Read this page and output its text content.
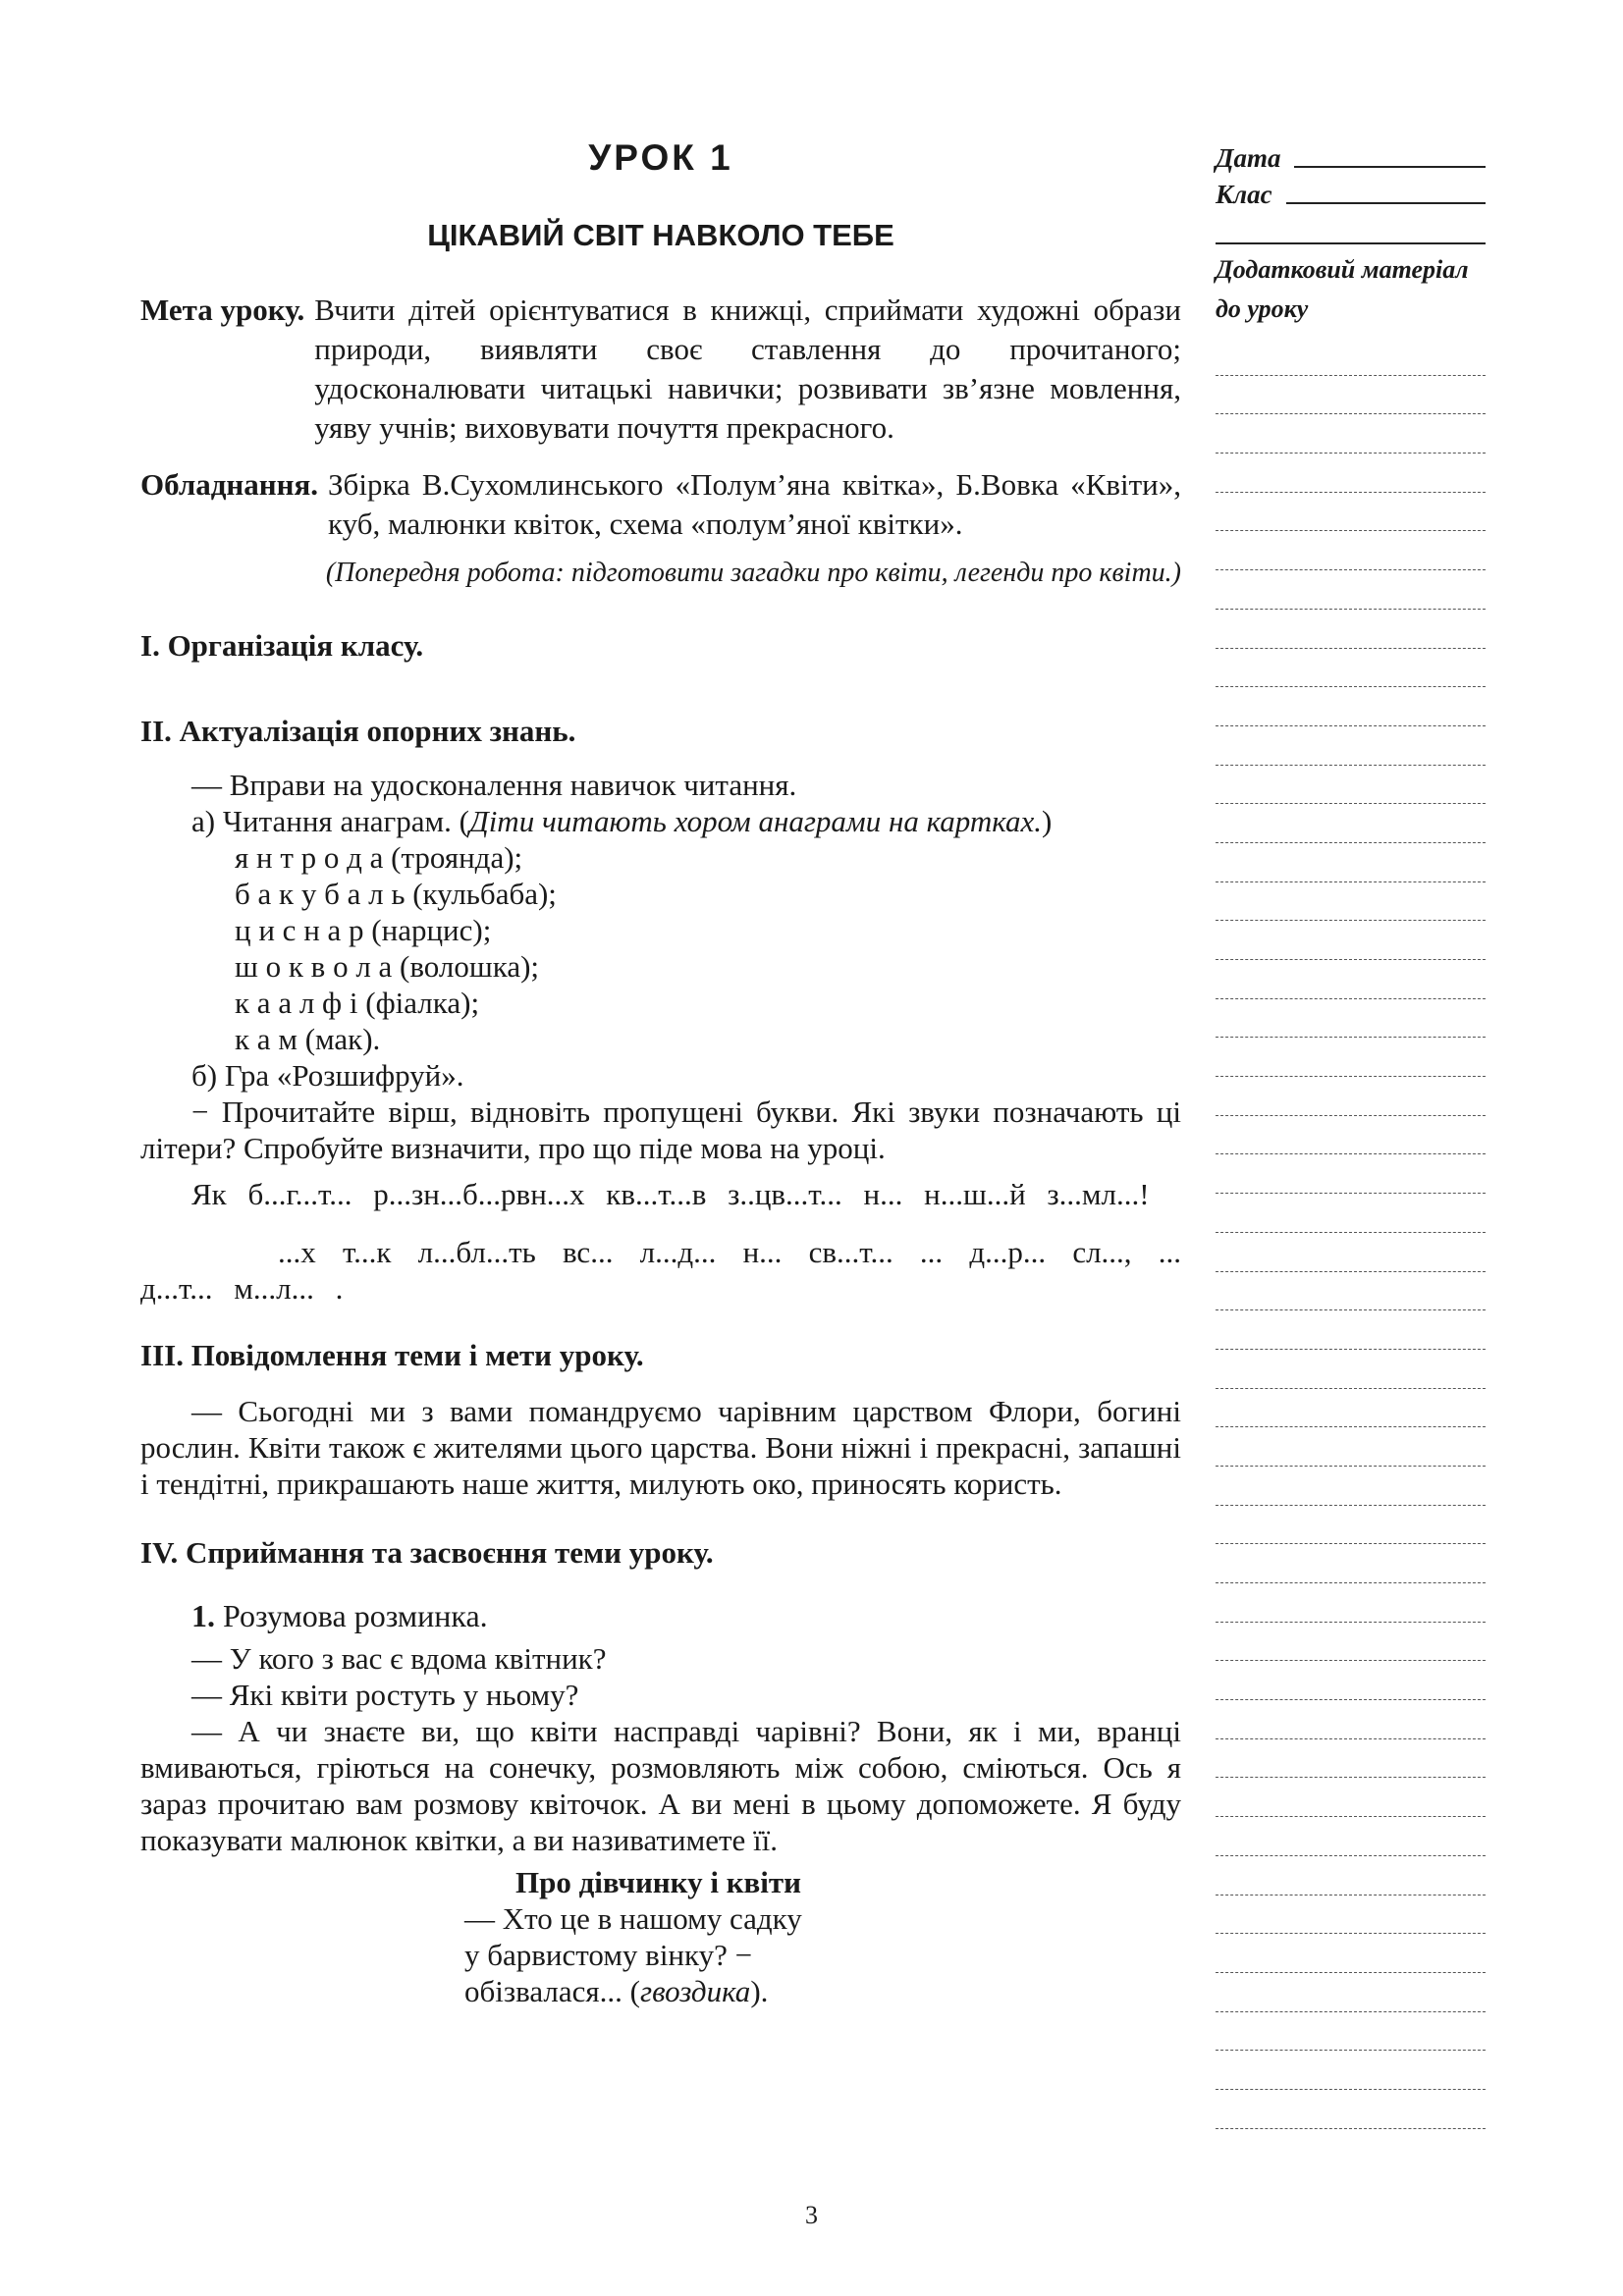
УРОК 1
ЦІКАВИЙ СВІТ НАВКОЛО ТЕБЕ
Мета уроку. Вчити дітей орієнтуватися в книжці, сприймати художні образи природи, виявляти своє ставлення до прочитаного; удосконалювати читацькі навички; розвивати зв’язне мовлення, уяву учнів; виховувати почуття прекрасного.
Обладнання. Збірка В.Сухомлинського «Полум’яна квітка», Б.Вовка «Квіти», куб, малюнки квіток, схема «полум’яної квітки».
(Попередня робота: підготовити загадки про квіти, легенди про квіти.)
I. Організація класу.
II. Актуалізація опорних знань.

— Вправи на удосконалення навичок читання.

а) Читання анаграм. (Діти читають хором анаграми на картках.)

я н т р о д а (троянда);

б а к у б а л ь (кульбаба);

ц и с н а р (нарцис);

ш о к в о л а (волошка);

к а а л ф і (фіалка);

к а м (мак).

б) Гра «Розшифруй».

− Прочитайте вірш, відновіть пропущені букви. Які звуки позначають ці літери? Спробуйте визначити, про що піде мова на уроці.

Як б...г...т... р...зн...б...рвн...х кв...т...в з..цв...т... н... н...ш...й з...мл...!

...х т...к л...бл...ть вс... л...д... н... св...т... ... д...р... сл..., ... д...т... м...л... .

III. Повідомлення теми і мети уроку.

— Сьогодні ми з вами помандруємо чарівним царством Флори, богині рослин. Квіти також є жителями цього царства. Вони ніжні і прекрасні, запашні і тендітні, прикрашають наше життя, милують око, приносять користь.

IV. Сприймання та засвоєння теми уроку.

1. Розумова розминка.

— У кого з вас є вдома квітник?

— Які квіти ростуть у ньому?

— А чи знаєте ви, що квіти насправді чарівні? Вони, як і ми, вранці вмиваються, гріються на сонечку, розмовляють між собою, сміються. Ось я зараз прочитаю вам розмову квіточок. А ви мені в цьому допоможете. Я буду показувати малюнок квітки, а ви називатимете її.

Про дівчинку і квіти
— Хто це в нашому садку
у барвистому вінку? −
обізвалася... (гвоздика).
Дата
Клас
Додатковий матеріал до уроку
3
